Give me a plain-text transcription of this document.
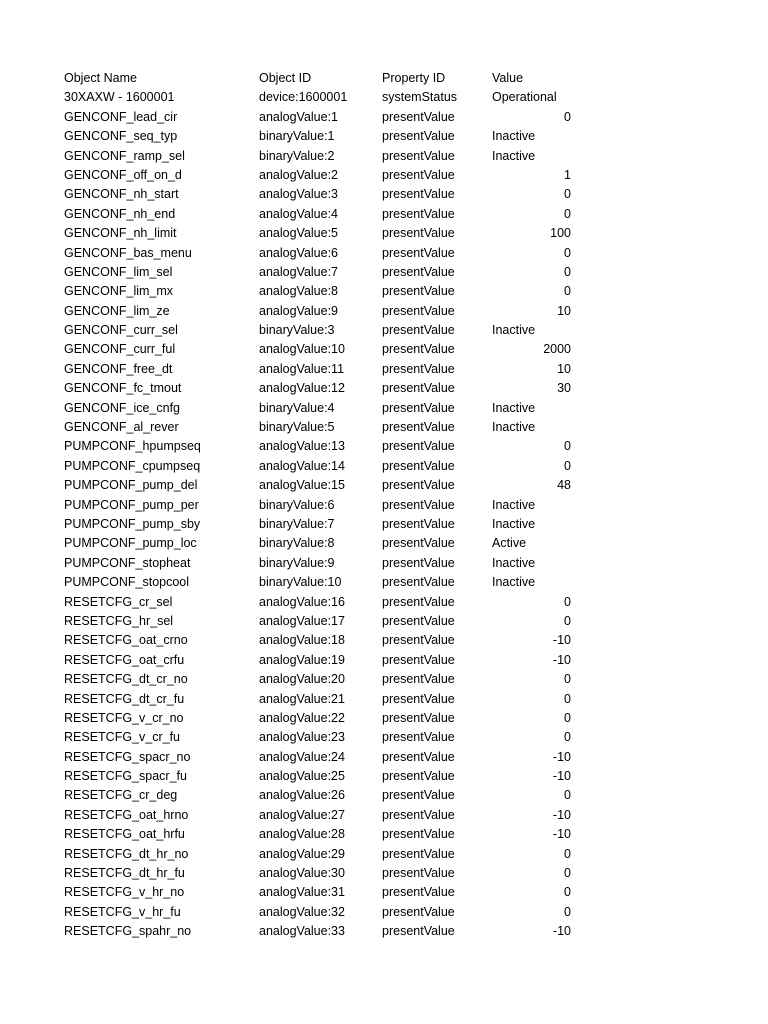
Object Name	Object ID	Property ID	Value
30XAXW - 1600001	device:1600001	systemStatus	Operational
GENCONF_lead_cir	analogValue:1	presentValue	0
GENCONF_seq_typ	binaryValue:1	presentValue	Inactive
GENCONF_ramp_sel	binaryValue:2	presentValue	Inactive
GENCONF_off_on_d	analogValue:2	presentValue	1
GENCONF_nh_start	analogValue:3	presentValue	0
GENCONF_nh_end	analogValue:4	presentValue	0
GENCONF_nh_limit	analogValue:5	presentValue	100
GENCONF_bas_menu	analogValue:6	presentValue	0
GENCONF_lim_sel	analogValue:7	presentValue	0
GENCONF_lim_mx	analogValue:8	presentValue	0
GENCONF_lim_ze	analogValue:9	presentValue	10
GENCONF_curr_sel	binaryValue:3	presentValue	Inactive
GENCONF_curr_ful	analogValue:10	presentValue	2000
GENCONF_free_dt	analogValue:11	presentValue	10
GENCONF_fc_tmout	analogValue:12	presentValue	30
GENCONF_ice_cnfg	binaryValue:4	presentValue	Inactive
GENCONF_al_rever	binaryValue:5	presentValue	Inactive
PUMPCONF_hpumpseq	analogValue:13	presentValue	0
PUMPCONF_cpumpseq	analogValue:14	presentValue	0
PUMPCONF_pump_del	analogValue:15	presentValue	48
PUMPCONF_pump_per	binaryValue:6	presentValue	Inactive
PUMPCONF_pump_sby	binaryValue:7	presentValue	Inactive
PUMPCONF_pump_loc	binaryValue:8	presentValue	Active
PUMPCONF_stopheat	binaryValue:9	presentValue	Inactive
PUMPCONF_stopcool	binaryValue:10	presentValue	Inactive
RESETCFG_cr_sel	analogValue:16	presentValue	0
RESETCFG_hr_sel	analogValue:17	presentValue	0
RESETCFG_oat_crno	analogValue:18	presentValue	-10
RESETCFG_oat_crfu	analogValue:19	presentValue	-10
RESETCFG_dt_cr_no	analogValue:20	presentValue	0
RESETCFG_dt_cr_fu	analogValue:21	presentValue	0
RESETCFG_v_cr_no	analogValue:22	presentValue	0
RESETCFG_v_cr_fu	analogValue:23	presentValue	0
RESETCFG_spacr_no	analogValue:24	presentValue	-10
RESETCFG_spacr_fu	analogValue:25	presentValue	-10
RESETCFG_cr_deg	analogValue:26	presentValue	0
RESETCFG_oat_hrno	analogValue:27	presentValue	-10
RESETCFG_oat_hrfu	analogValue:28	presentValue	-10
RESETCFG_dt_hr_no	analogValue:29	presentValue	0
RESETCFG_dt_hr_fu	analogValue:30	presentValue	0
RESETCFG_v_hr_no	analogValue:31	presentValue	0
RESETCFG_v_hr_fu	analogValue:32	presentValue	0
RESETCFG_spahr_no	analogValue:33	presentValue	-10
